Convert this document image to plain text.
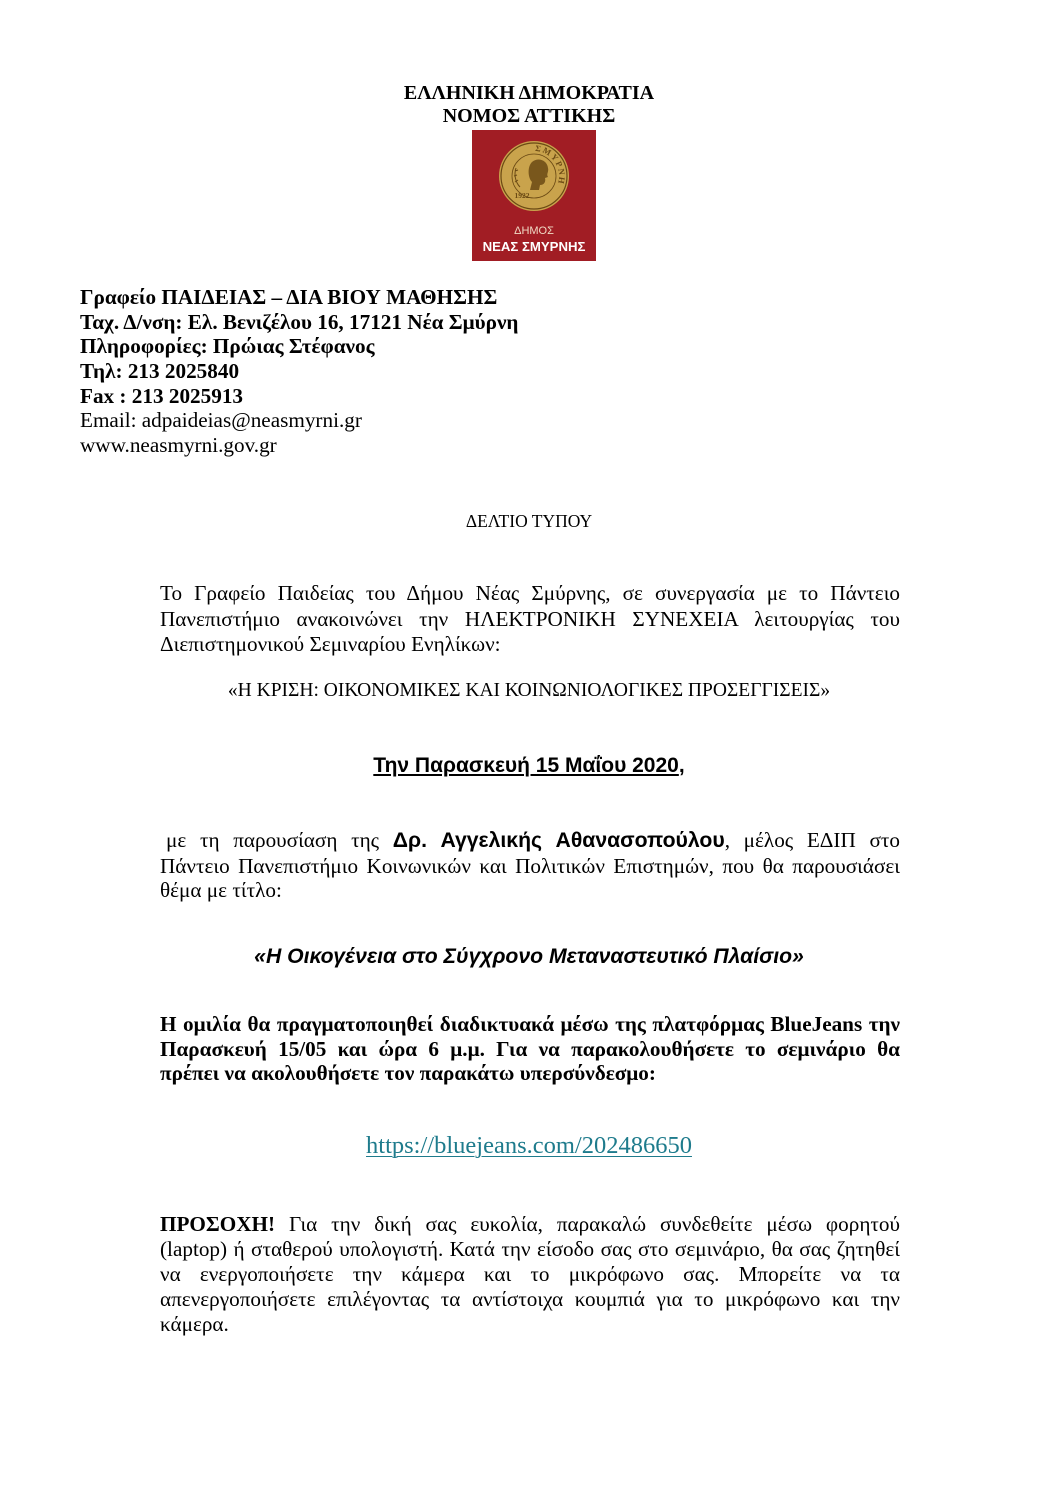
ΕΛΛΗΝΙΚΗ ΔΗΜΟΚΡΑΤΙΑ
ΝΟΜΟΣ ΑΤΤΙΚΗΣ
ΣΜΥΡΝΗ
1922
ΔΗΜΟΣ
ΝΕΑΣ ΣΜΥΡΝΗΣ
Γραφείο ΠΑΙΔΕΙΑΣ – ΔΙΑ ΒΙΟΥ ΜΑΘΗΣΗΣ
Ταχ. Δ/νση: Ελ. Βενιζέλου 16, 17121 Νέα Σμύρνη
Πληροφορίες: Πρώιας Στέφανος
Τηλ: 213 2025840
Fax : 213 2025913
Email: adpaideias@neasmyrni.gr
www.neasmyrni.gov.gr
ΔΕΛΤΙΟ ΤΥΠΟΥ
Το Γραφείο Παιδείας του Δήμου Νέας Σμύρνης, σε συνεργασία με το Πάντειο
Πανεπιστήμιο ανακοινώνει την ΗΛΕΚΤΡΟΝΙΚΗ ΣΥΝΕΧΕΙΑ λειτουργίας του
Διεπιστημονικού Σεμιναρίου Ενηλίκων:
«Η ΚΡΙΣΗ: ΟΙΚΟΝΟΜΙΚΕΣ ΚΑΙ ΚΟΙΝΩΝΙΟΛΟΓΙΚΕΣ ΠΡΟΣΕΓΓΙΣΕΙΣ»
Την Παρασκευή 15 Μαΐου 2020,
με τη παρουσίαση της Δρ. Αγγελικής Αθανασοπούλου, μέλος ΕΔΙΠ στο
Πάντειο Πανεπιστήμιο Κοινωνικών και Πολιτικών Επιστημών, που θα παρουσιάσει
θέμα με τίτλο:
«Η Οικογένεια στο Σύγχρονο Μεταναστευτικό Πλαίσιο»
Η ομιλία θα πραγματοποιηθεί διαδικτυακά μέσω της πλατφόρμας BlueJeans την
Παρασκευή 15/05 και ώρα 6 μ.μ. Για να παρακολουθήσετε το σεμινάριο θα
πρέπει να ακολουθήσετε τον παρακάτω υπερσύνδεσμο:
https://bluejeans.com/202486650
ΠΡΟΣΟΧΗ! Για την δική σας ευκολία, παρακαλώ συνδεθείτε μέσω φορητού
(laptop) ή σταθερού υπολογιστή. Κατά την είσοδο σας στο σεμινάριο, θα σας ζητηθεί
να ενεργοποιήσετε την κάμερα και το μικρόφωνο σας. Μπορείτε να τα
απενεργοποιήσετε επιλέγοντας τα αντίστοιχα κουμπιά για το μικρόφωνο και την
κάμερα.
